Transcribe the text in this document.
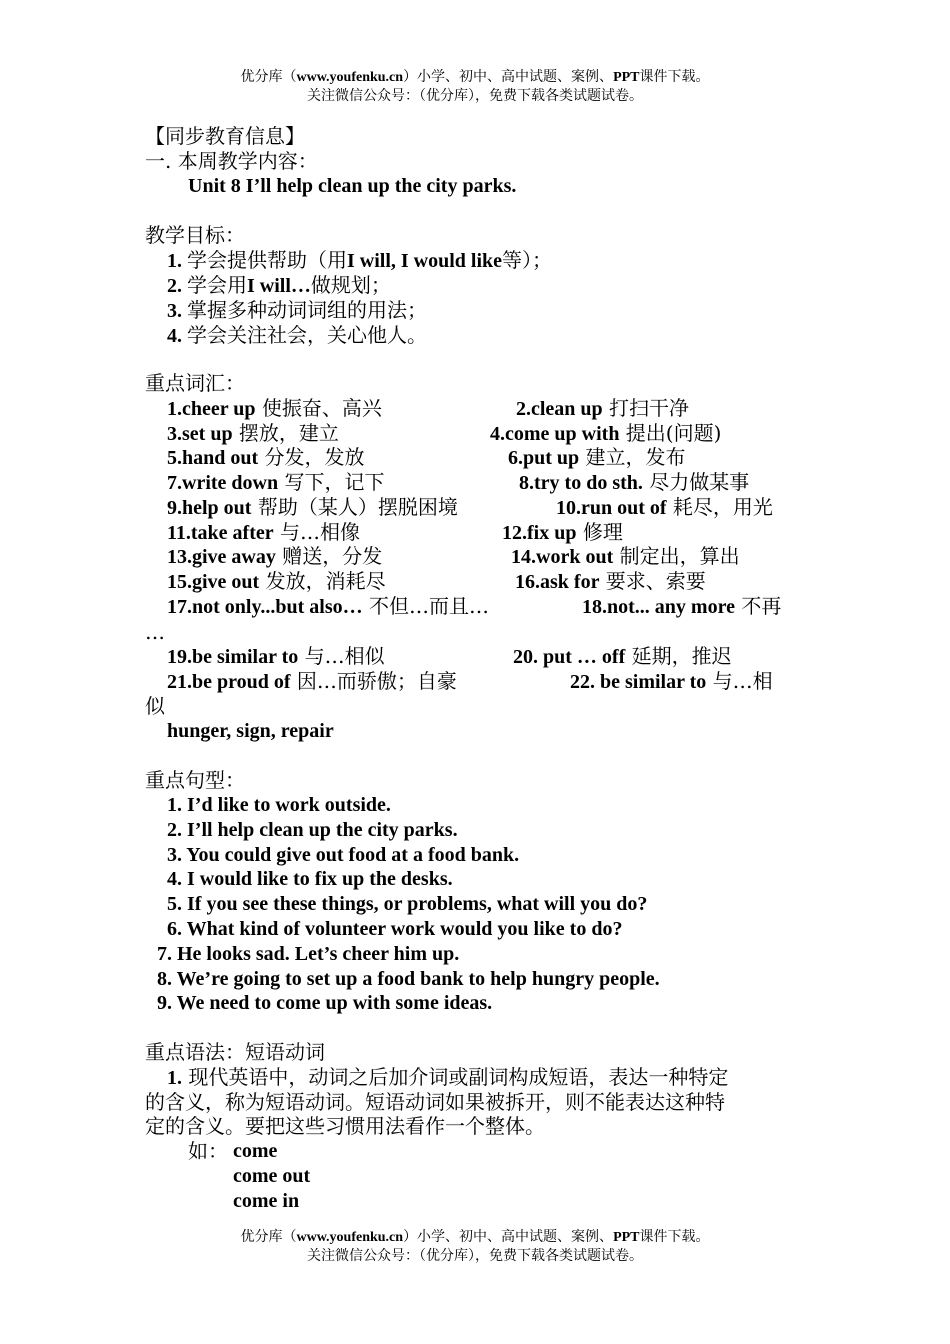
优分库（www.youfenku.cn）小学、初中、高中试题、案例、PPT课件下载。
关注微信公众号：（优分库），免费下载各类试题试卷。
【同步教育信息】
一. 本周教学内容：
Unit 8 I’ll help clean up the city parks.
教学目标：
1. 学会提供帮助（用I will, I would like等）；
2. 学会用I will…做规划；
3. 掌握多种动词词组的用法；
4. 学会关注社会，关心他人。
重点词汇：
1.cheer up 使振奋、高兴	2.clean up 打扫干净
3.set up 摆放，建立	4.come up with 提出(问题)
5.hand out 分发，发放	6.put up 建立，发布
7.write down 写下，记下	8.try to do sth. 尽力做某事
9.help out 帮助（某人）摆脱困境	10.run out of 耗尽，用光
11.take after 与…相像	12.fix up 修理
13.give away 赠送，分发	14.work out 制定出，算出
15.give out 发放，消耗尽	16.ask for 要求、索要
17.not only...but also… 不但…而且…	18.not... any more 不再
…
19.be similar to 与…相似	20. put … off 延期，推迟
21.be proud of 因…而骄傲；自豪	22. be similar to 与…相
似
hunger, sign, repair
重点句型：
1. I’d like to work outside.
2. I’ll help clean up the city parks.
3. You could give out food at a food bank.
4. I would like to fix up the desks.
5. If you see these things, or problems, what will you do?
6. What kind of volunteer work would you like to do?
7. He looks sad. Let’s cheer him up.
8. We’re going to set up a food bank to help hungry people.
9. We need to come up with some ideas.
重点语法：短语动词
1. 现代英语中，动词之后加介词或副词构成短语，表达一种特定
的含义，称为短语动词。短语动词如果被拆开，则不能表达这种特
定的含义。要把这些习惯用法看作一个整体。
如： come
come out
come in
优分库（www.youfenku.cn）小学、初中、高中试题、案例、PPT课件下载。
关注微信公众号：（优分库），免费下载各类试题试卷。
